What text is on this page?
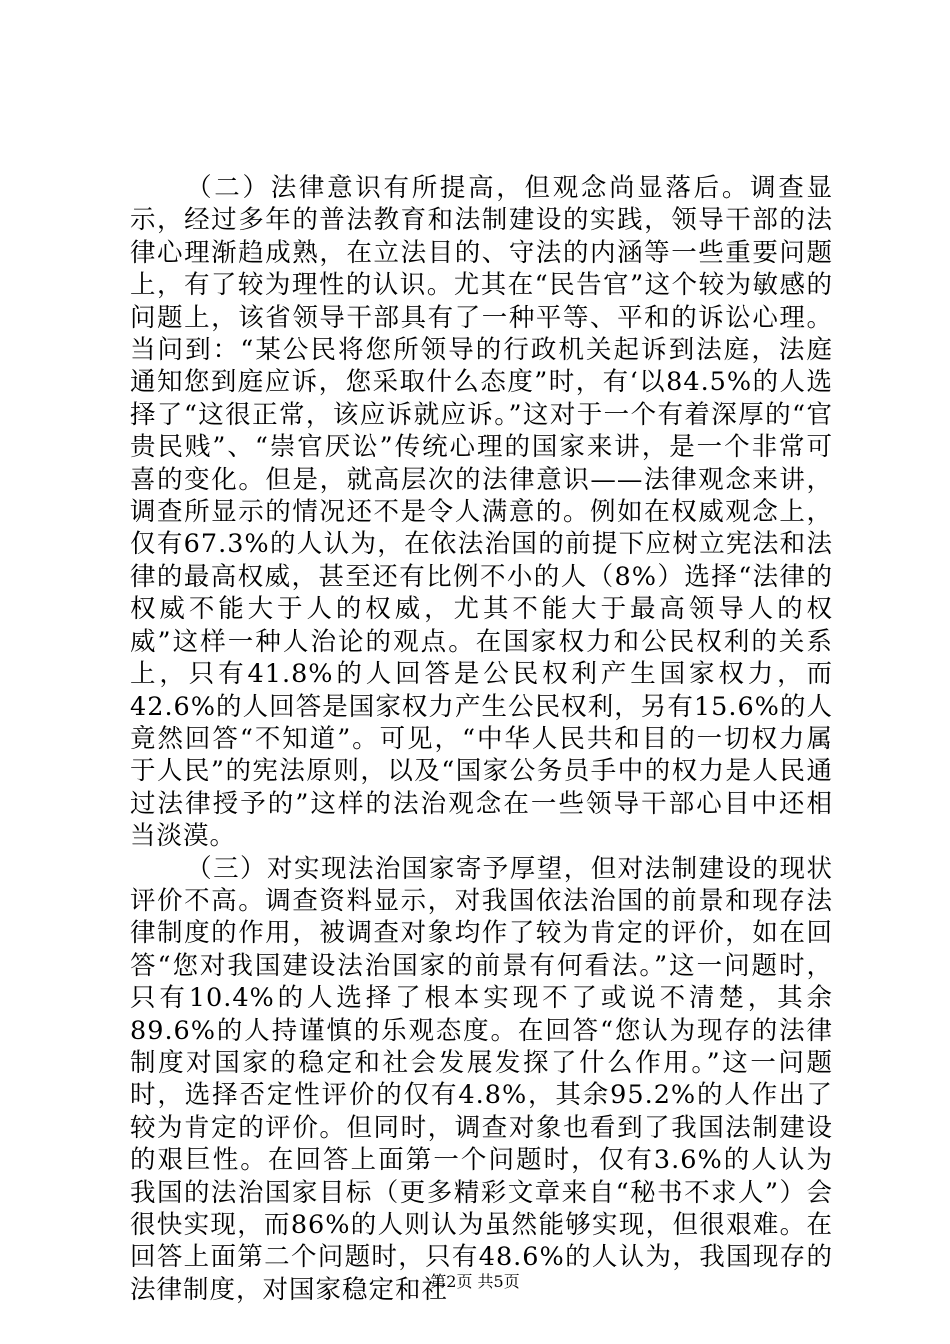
（二）法律意识有所提高，但观念尚显落后。调查显示，经过多年的普法教育和法制建设的实践，领导干部的法律心理渐趋成熟，在立法目的、守法的内涵等一些重要问题上，有了较为理性的认识。尤其在“民告官”这个较为敏感的问题上，该省领导干部具有了一种平等、平和的诉讼心理。当问到：“某公民将您所领导的行政机关起诉到法庭，法庭通知您到庭应诉，您采取什么态度”时，有‘以84.5%的人选择了“这很正常，该应诉就应诉。”这对于一个有着深厚的“官贵民贱”、“崇官厌讼”传统心理的国家来讲，是一个非常可喜的变化。但是，就高层次的法律意识——法律观念来讲，调查所显示的情况还不是令人满意的。例如在权威观念上，仅有67.3%的人认为，在依法治国的前提下应树立宪法和法律的最高权威，甚至还有比例不小的人（8%）选择“法律的权威不能大于人的权威，尤其不能大于最高领导人的权威”这样一种人治论的观点。在国家权力和公民权利的关系上，只有41.8%的人回答是公民权利产生国家权力，而42.6%的人回答是国家权力产生公民权利，另有15.6%的人竟然回答“不知道”。可见，“中华人民共和目的一切权力属于人民”的宪法原则，以及“国家公务员手中的权力是人民通过法律授予的”这样的法治观念在一些领导干部心目中还相当淡漠。

（三）对实现法治国家寄予厚望，但对法制建设的现状评价不高。调查资料显示，对我国依法治国的前景和现存法律制度的作用，被调查对象均作了较为肯定的评价，如在回答“您对我国建设法治国家的前景有何看法。”这一问题时，只有10.4%的人选择了根本实现不了或说不清楚，其余89.6%的人持谨慎的乐观态度。在回答“您认为现存的法律制度对国家的稳定和社会发展发探了什么作用。”这一问题时，选择否定性评价的仅有4.8%，其余95.2%的人作出了较为肯定的评价。但同时，调查对象也看到了我国法制建设的艰巨性。在回答上面第一个问题时，仅有3.6%的人认为我国的法治国家目标（更多精彩文章来自“秘书不求人”）会很快实现，而86%的人则认为虽然能够实现，但很艰难。在回答上面第二个问题时，只有48.6%的人认为，我国现存的法律制度，对国家稳定和社

第2页 共5页
